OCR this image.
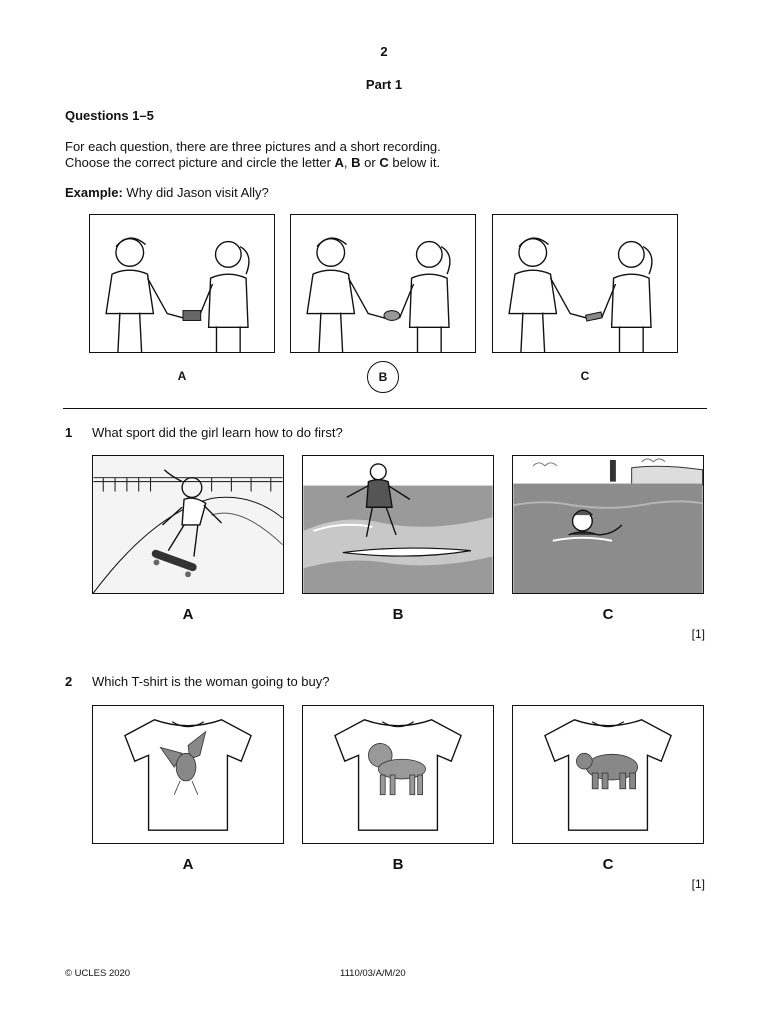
2
Part 1
Questions 1–5
For each question, there are three pictures and a short recording.
Choose the correct picture and circle the letter A, B or C below it.
Example: Why did Jason visit Ally?
A	B	C
1 What sport did the girl learn how to do first?
A	B	C
[1]
2 Which T-shirt is the woman going to buy?
A	B	C
[1]
© UCLES 2020	1110/03/A/M/20
